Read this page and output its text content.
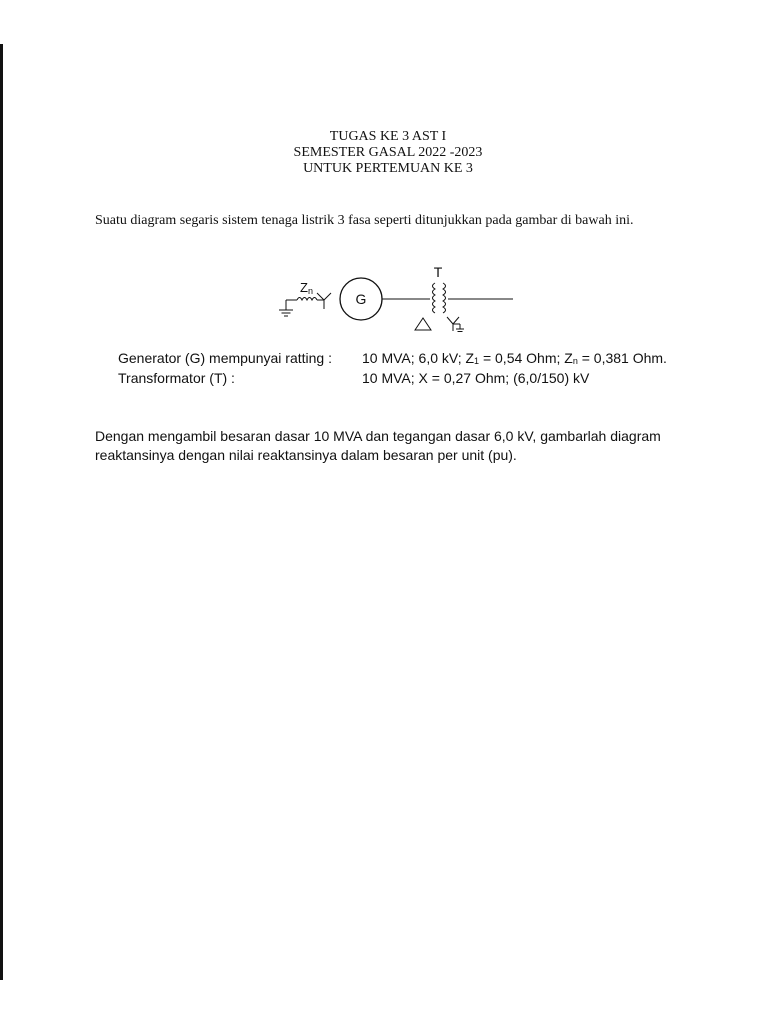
TUGAS KE 3 AST I
SEMESTER GASAL 2022 -2023
UNTUK PERTEMUAN KE 3

Suatu diagram segaris sistem tenaga listrik 3 fasa seperti ditunjukkan pada gambar di bawah ini.

Zn	G
T
Generator (G) mempunyai ratting :	10 MVA; 6,0 kV; $Z_1 = 0,54$ Ohm; $Z_n = 0,381$ Ohm.
Transformator (T) :	10 MVA; X = 0,27 Ohm; (6,0/150) kV

Dengan mengambil besaran dasar 10 MVA dan tegangan dasar 6,0 kV, gambarlah diagram reaktansinya dengan nilai reaktansinya dalam besaran per unit (pu).
